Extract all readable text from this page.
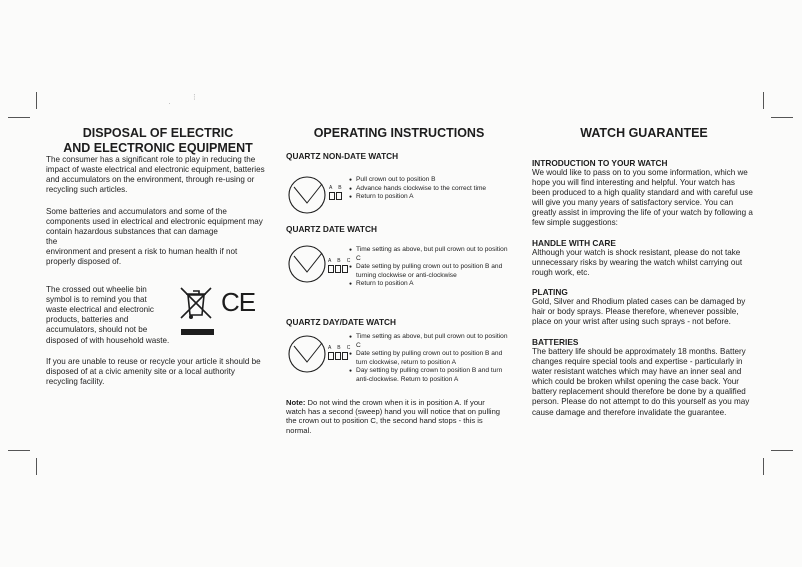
⁝
·
DISPOSAL OF ELECTRIC
AND ELECTRONIC EQUIPMENT

The consumer has a significant role to play in reducing the impact of waste electrical and electronic equipment, batteries and accumulators on the environment, through re-using or recycling such articles.

Some batteries and accumulators and some of the components used in electrical and electronic equipment may contain hazardous substances that can damage
the
environment and present a risk to human health if not properly disposed of.

The crossed out wheelie bin symbol is to remind you that waste electrical and electronic products, batteries and accumulators, should not be

disposed of with household waste.

CE

If you are unable to reuse or recycle your article it should be disposed of at a civic amenity site or a local authority recycling facility.

OPERATING INSTRUCTIONS
QUARTZ NON-DATE WATCH
A B
● Pull crown out to position B
● Advance hands clockwise to the correct time
● Return to position A
QUARTZ DATE WATCH
A B C
● Time setting as above, but pull crown out to position C
● Date setting by pulling crown out to position B and turning clockwise or anti-clockwise
● Return to position A
QUARTZ DAY/DATE WATCH
A B C
● Time setting as above, but pull crown out to position C
● Date setting by pulling crown out to position B and turn clockwise, return to position A
● Day setting by pulling crown to position B and turn anti-clockwise. Return to position A

Note: Do not wind the crown when it is in position A. If your watch has a second (sweep) hand you will notice that on pulling the crown out to position C, the second hand stops - this is normal.

WATCH GUARANTEE
INTRODUCTION TO YOUR WATCH

We would like to pass on to you some information, which we hope you will find interesting and helpful. Your watch has been produced to a high quality standard and with careful use will give you many years of satisfactory service. You can greatly assist in improving the life of your watch by following a few simple suggestions:

HANDLE WITH CARE

Although your watch is shock resistant, please do not take unnecessary risks by wearing the watch whilst carrying out rough work, etc.

PLATING

Gold, Silver and Rhodium plated cases can be damaged by hair or body sprays. Please therefore, whenever possible, place on your wrist after using such sprays - not before.

BATTERIES

The battery life should be approximately 18 months. Battery changes require special tools and expertise - particularly in water resistant watches which may have an inner seal and which could be broken whilst opening the case back. Your battery replacement should therefore be done by a qualified person. Please do not attempt to do this yourself as you may cause damage and therefore invalidate the guarantee.
